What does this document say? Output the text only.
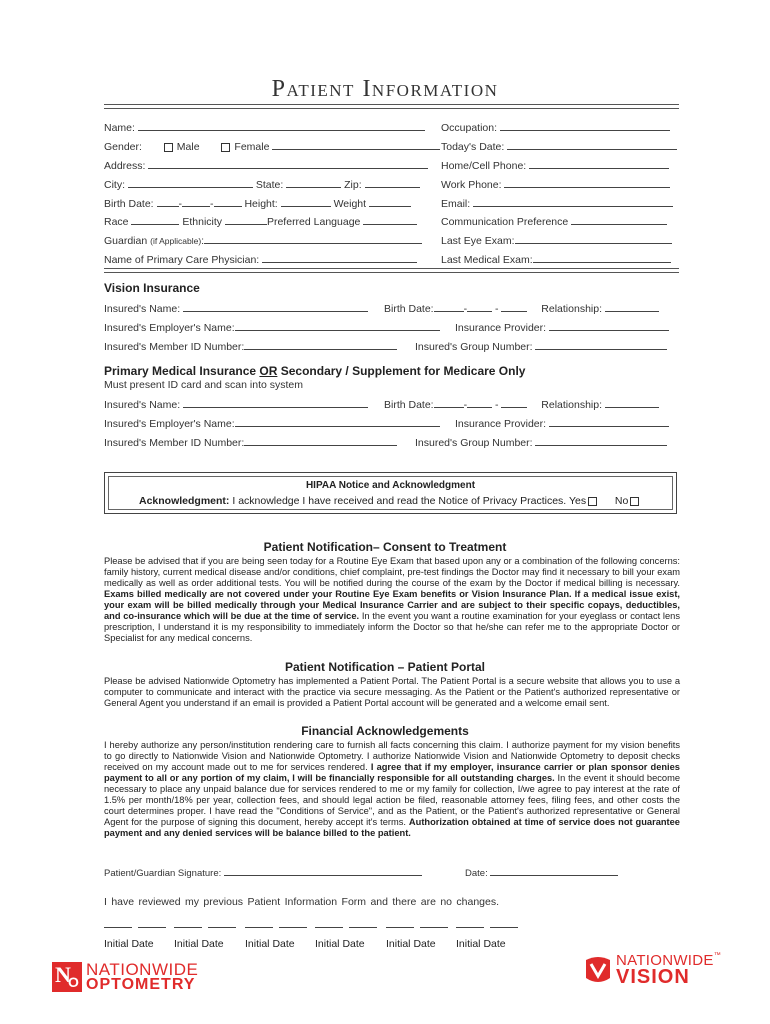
Patient Information
Name:	Occupation:
Gender:	Male	Female	Today's Date:
Address:	Home/Cell Phone:
City:	State:	Zip:	Work Phone:
Birth Date: -	-	Height:	Weight	Email:
Race	Ethnicity	Preferred Language	Communication Preference
Guardian (if Applicable):	Last Eye Exam:
Name of Primary Care Physician:	Last Medical Exam:
Vision Insurance
Insured's Name:	Birth Date:	- -	Relationship:
Insured's Employer's Name:	Insurance Provider:
Insured's Member ID Number:	Insured's Group Number:
Primary Medical Insurance OR Secondary / Supplement for Medicare Only
Must present ID card and scan into system
Insured's Name:	Birth Date:	- -	Relationship:
Insured's Employer's Name:	Insurance Provider:
Insured's Member ID Number:	Insured's Group Number:
HIPAA Notice and Acknowledgment
Acknowledgment: I acknowledge I have received and read the Notice of Privacy Practices. Yes	No
Patient Notification– Consent to Treatment
Please be advised that if you are being seen today for a Routine Eye Exam that based upon any or a combination of the following concerns: family history, current medical disease and/or conditions, chief complaint, pre-test findings the Doctor may find it necessary to bill your exam medically as well as order additional tests. You will be notified during the course of the exam by the Doctor if medical billing is necessary. Exams billed medically are not covered under your Routine Eye Exam benefits or Vision Insurance Plan. If a medical issue exist, your exam will be billed medically through your Medical Insurance Carrier and are subject to their specific copays, deductibles, and co-insurance which will be due at the time of service. In the event you want a routine examination for your eyeglass or contact lens prescription, I understand it is my responsibility to immediately inform the Doctor so that he/she can refer me to the appropriate Doctor or Specialist for any medical concerns.
Patient Notification – Patient Portal
Please be advised Nationwide Optometry has implemented a Patient Portal. The Patient Portal is a secure website that allows you to use a computer to communicate and interact with the practice via secure messaging. As the Patient or the Patient's authorized representative or General Agent you understand if an email is provided a Patient Portal account will be generated and a welcome email sent.
Financial Acknowledgements
I hereby authorize any person/institution rendering care to furnish all facts concerning this claim. I authorize payment for my vision benefits to go directly to Nationwide Vision and Nationwide Optometry. I authorize Nationwide Vision and Nationwide Optometry to deposit checks received on my account made out to me for services rendered. I agree that if my employer, insurance carrier or plan sponsor denies payment to all or any portion of my claim, I will be financially responsible for all outstanding charges. In the event it should become necessary to place any unpaid balance due for services rendered to me or my family for collection, I/we agree to pay interest at the rate of 1.5% per month/18% per year, collection fees, and should legal action be filed, reasonable attorney fees, filing fees, and other costs the court determines proper. I have read the "Conditions of Service", and as the Patient, or the Patient's authorized representative or General Agent for the purpose of signing this document, hereby accept it's terms. Authorization obtained at time of service does not guarantee payment and any denied services will be balance billed to the patient.
Patient/Guardian Signature:	Date:
I have reviewed my previous Patient Information Form and there are no changes.

Initial Date
	Initial Date
	Initial Date
	Initial Date
	Initial Date
	Initial Date
N
O
NATIONWIDE
OPTOMETRY
NATIONWIDE™
VISION
